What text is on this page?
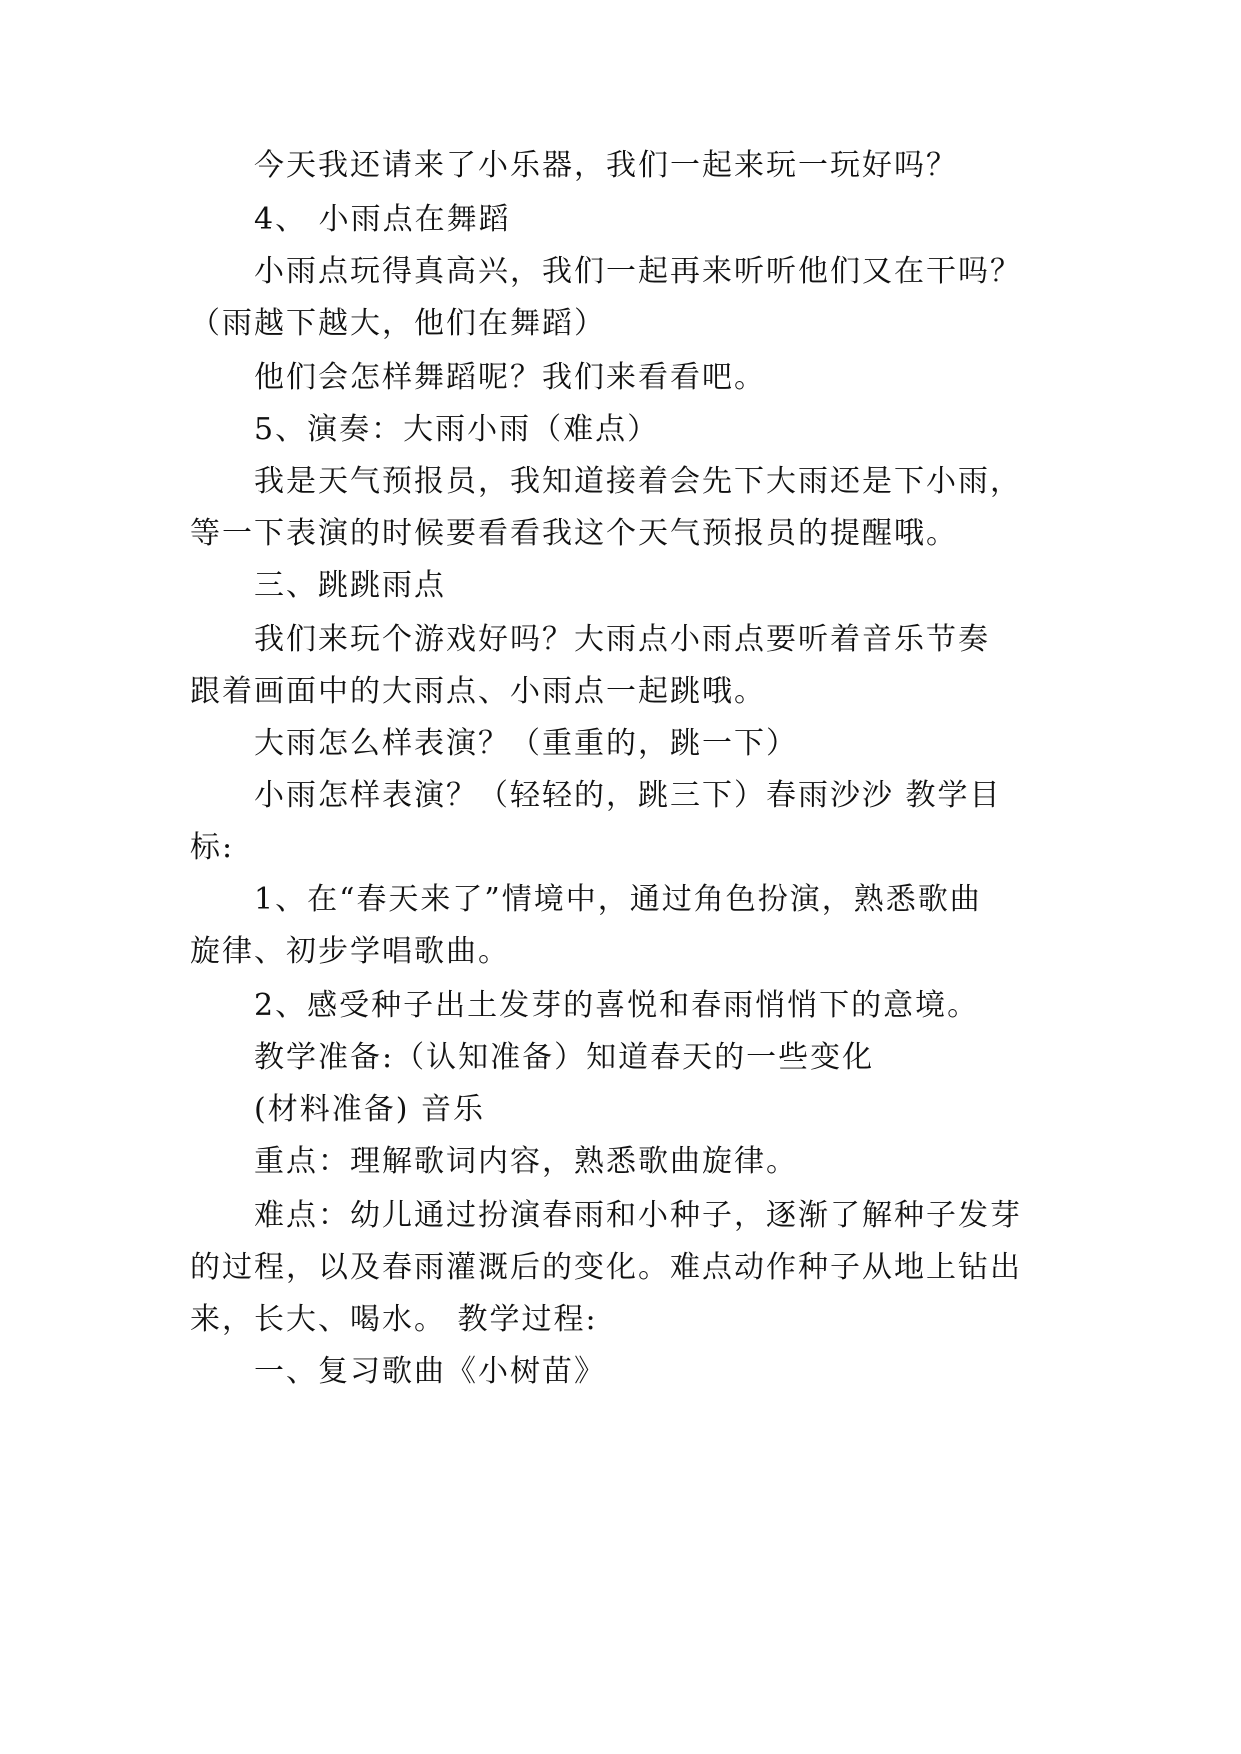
今天我还请来了小乐器，我们一起来玩一玩好吗？
4、 小雨点在舞蹈
小雨点玩得真高兴，我们一起再来听听他们又在干吗？
（雨越下越大，他们在舞蹈）
他们会怎样舞蹈呢？我们来看看吧。
5、演奏：大雨小雨（难点）
我是天气预报员，我知道接着会先下大雨还是下小雨，
等一下表演的时候要看看我这个天气预报员的提醒哦。
三、跳跳雨点
我们来玩个游戏好吗？大雨点小雨点要听着音乐节奏
跟着画面中的大雨点、小雨点一起跳哦。
大雨怎么样表演？（重重的，跳一下）
小雨怎样表演？（轻轻的，跳三下）春雨沙沙 教学目
标:
1、在“春天来了”情境中，通过角色扮演，熟悉歌曲
旋律、初步学唱歌曲。
2、感受种子出土发芽的喜悦和春雨悄悄下的意境。
教学准备:（认知准备）知道春天的一些变化
(材料准备) 音乐
重点：理解歌词内容，熟悉歌曲旋律。
难点：幼儿通过扮演春雨和小种子，逐渐了解种子发芽
的过程，以及春雨灌溉后的变化。难点动作种子从地上钻出
来，长大、喝水。 教学过程:
一、复习歌曲《小树苗》
